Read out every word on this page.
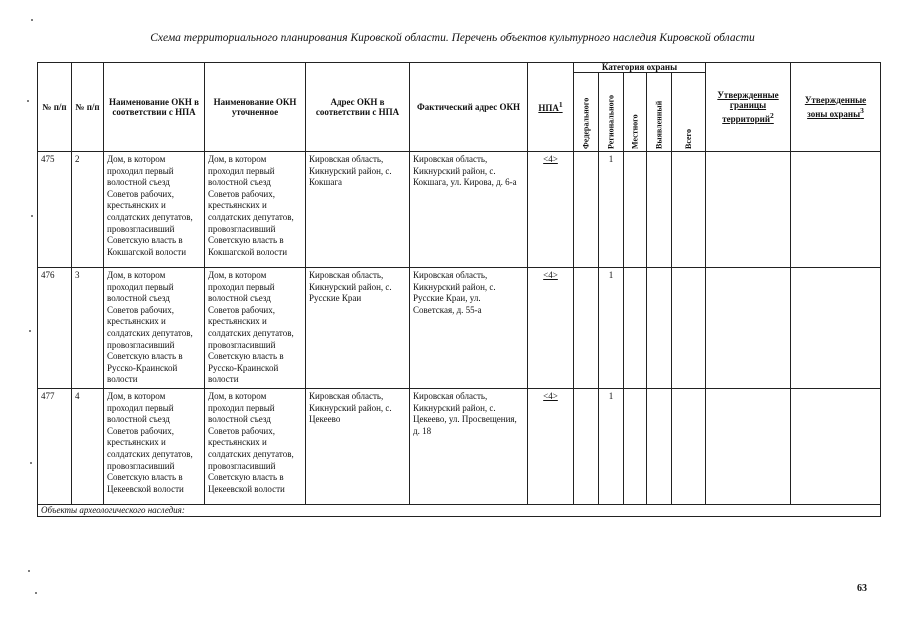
Схема территориального планирования Кировской области. Перечень объектов культурного наследия Кировской области
№ п/п	№ п/п	Наименование ОКН в соответствии с НПА	Наименование ОКН уточненное	Адрес ОКН в соответствии с НПА	Фактический адрес ОКН	НПА$^1$	Категория охраны					Утвержденные границы территорий$^2$	Утвержденные зоны охраны$^3$
							Федерального	Регионального	Местного	Выявленный	Всего		
475	2	Дом, в котором проходил первый волостной съезд Советов рабочих, крестьянских и солдатских депутатов, провозгласивший Советскую власть в Кокшагской волости	Дом, в котором проходил первый волостной съезд Советов рабочих, крестьянских и солдатских депутатов, провозгласивший Советскую власть в Кокшагской волости	Кировская область, Кикнурский район, с. Кокшага	Кировская область, Кикнурский район, с. Кокшага, ул. Кирова, д. 6-а	<4>		1					
476	3	Дом, в котором проходил первый волостной съезд Советов рабочих, крестьянских и солдатских депутатов, провозгласивший Советскую власть в Русско-Краинской волости	Дом, в котором проходил первый волостной съезд Советов рабочих, крестьянских и солдатских депутатов, провозгласивший Советскую власть в Русско-Краинской волости	Кировская область, Кикнурский район, с. Русские Краи	Кировская область, Кикнурский район, с. Русские Краи, ул. Советская, д. 55-а	<4>		1					
477	4	Дом, в котором проходил первый волостной съезд Советов рабочих, крестьянских и солдатских депутатов, провозгласивший Советскую власть в Цекеевской волости	Дом, в котором проходил первый волостной съезд Советов рабочих, крестьянских и солдатских депутатов, провозгласивший Советскую власть в Цекеевской волости	Кировская область, Кикнурский район, с. Цекеево	Кировская область, Кикнурский район, с. Цекеево, ул. Просвещения, д. 18	<4>		1					
Объекты археологического наследия:													
63
